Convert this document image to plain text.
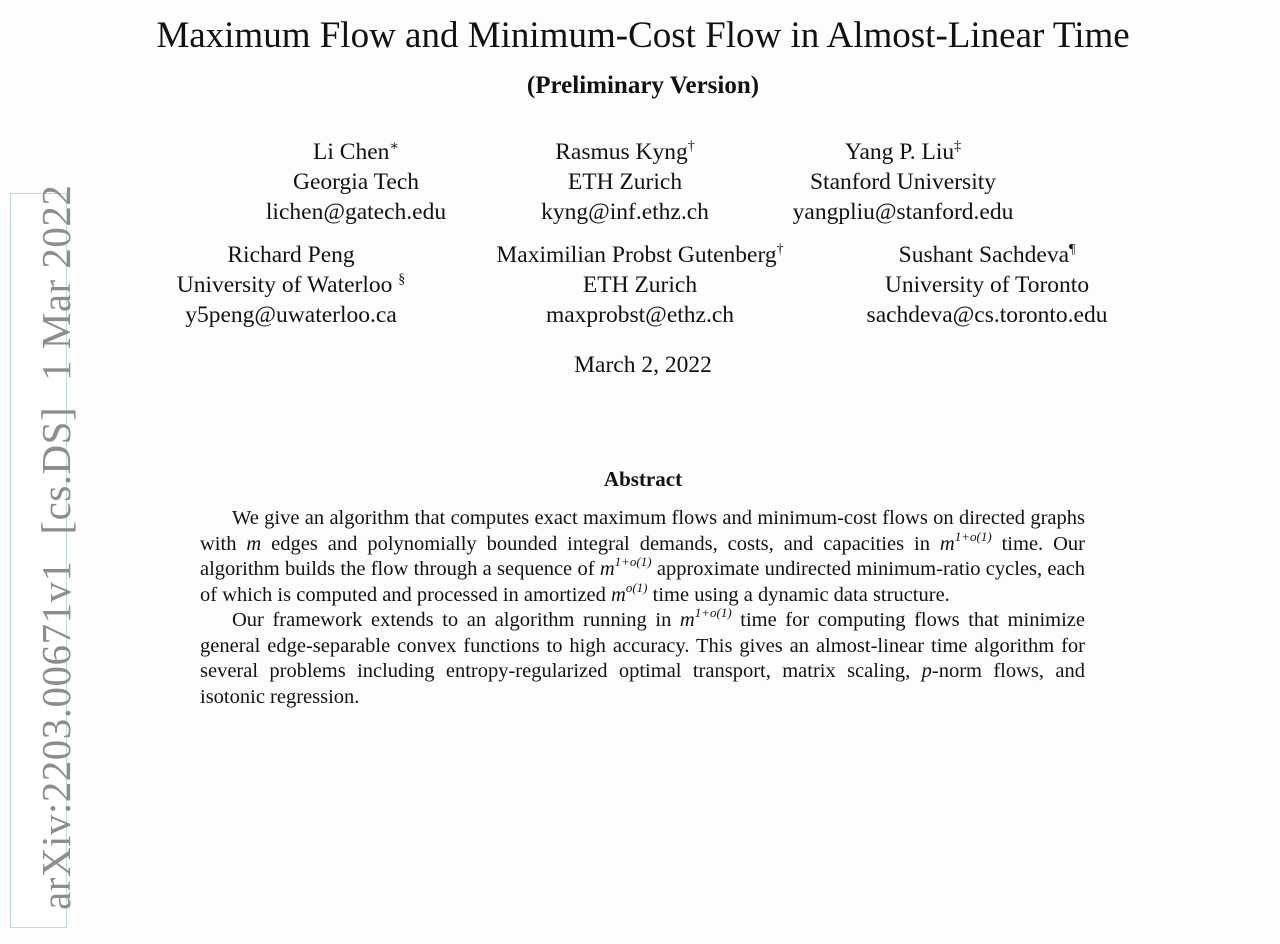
arXiv:2203.00671v1[cs.DS]1 Mar 2022
Maximum Flow and Minimum-Cost Flow in Almost-Linear Time
(Preliminary Version)
Li Chen∗
Georgia Tech
lichen@gatech.edu
Rasmus Kyng†
ETH Zurich
kyng@inf.ethz.ch
Yang P. Liu‡
Stanford University
yangpliu@stanford.edu
Richard Peng
University of Waterloo §
y5peng@uwaterloo.ca
Maximilian Probst Gutenberg†
ETH Zurich
maxprobst@ethz.ch
Sushant Sachdeva¶
University of Toronto
sachdeva@cs.toronto.edu
March 2, 2022
Abstract

We give an algorithm that computes exact maximum flows and minimum-cost flows on directed graphs with m edges and polynomially bounded integral demands, costs, and capacities in $m^{1+o(1)}$ time. Our algorithm builds the flow through a sequence of $m^{1+o(1)}$ approximate undirected minimum-ratio cycles, each of which is computed and processed in amortized $m^{o(1)}$ time using a dynamic data structure.

Our framework extends to an algorithm running in $m^{1+o(1)}$ time for computing flows that minimize general edge-separable convex functions to high accuracy. This gives an almost-linear time algorithm for several problems including entropy-regularized optimal transport, matrix scaling, p-norm flows, and isotonic regression.
